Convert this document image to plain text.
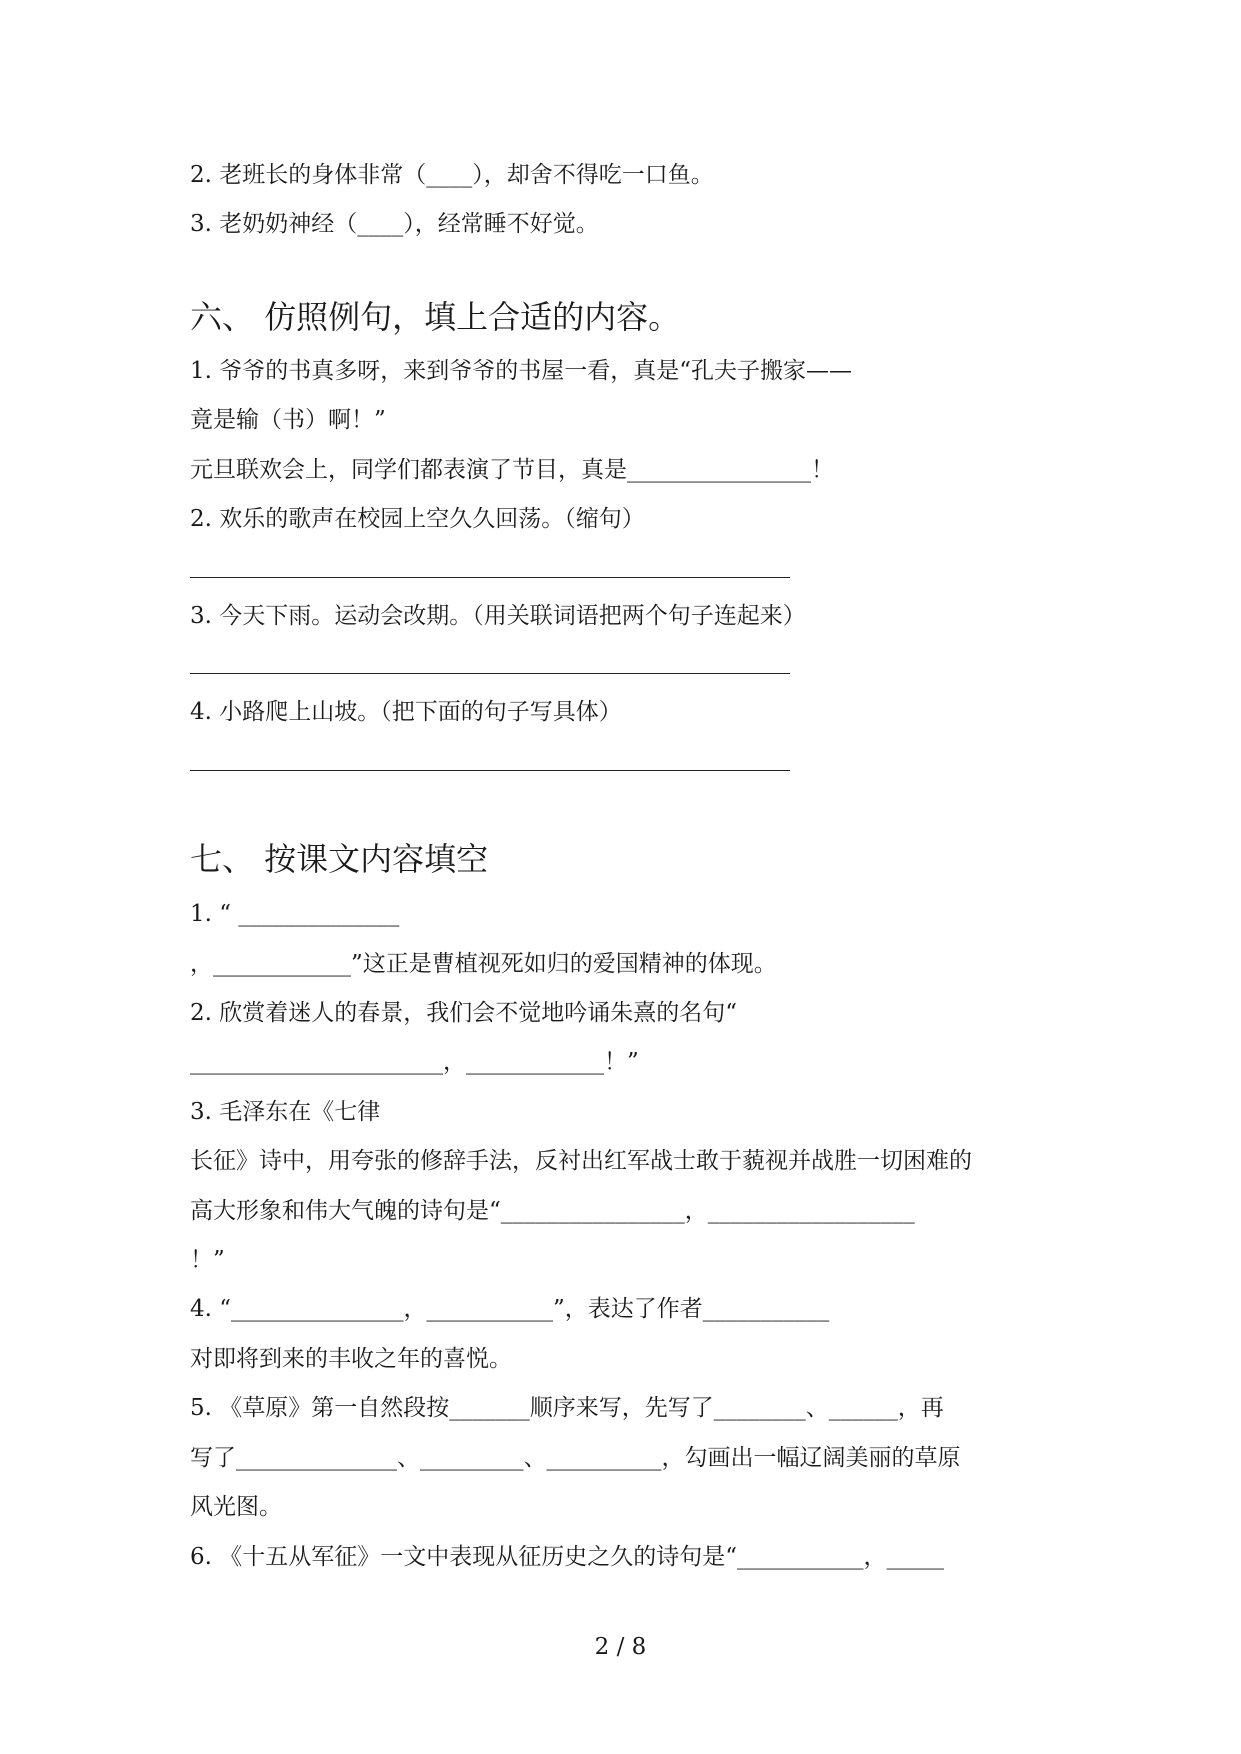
2. 老班长的身体非常（____），却舍不得吃一口鱼。
3. 老奶奶神经（____），经常睡不好觉。
六、 仿照例句，填上合适的内容。
1. 爷爷的书真多呀，来到爷爷的书屋一看，真是“孔夫子搬家——
竟是输（书）啊！”
元旦联欢会上，同学们都表演了节目，真是________________！
2. 欢乐的歌声在校园上空久久回荡。（缩句）
3. 今天下雨。运动会改期。（用关联词语把两个句子连起来）
4. 小路爬上山坡。（把下面的句子写具体）
七、 按课文内容填空
1. “ ______________
，____________”这正是曹植视死如归的爱国精神的体现。
2. 欣赏着迷人的春景，我们会不觉地吟诵朱熹的名句“
______________________，____________！”
3. 毛泽东在《七律
长征》诗中，用夸张的修辞手法，反衬出红军战士敢于藐视并战胜一切困难的
高大形象和伟大气魄的诗句是“________________，__________________
！”
4. “_______________，___________”，表达了作者___________
对即将到来的丰收之年的喜悦。
5. 《草原》第一自然段按_______顺序来写，先写了________、______，再
写了______________、_________、__________，勾画出一幅辽阔美丽的草原
风光图。
6. 《十五从军征》一文中表现从征历史之久的诗句是“___________，_____
2 / 8
